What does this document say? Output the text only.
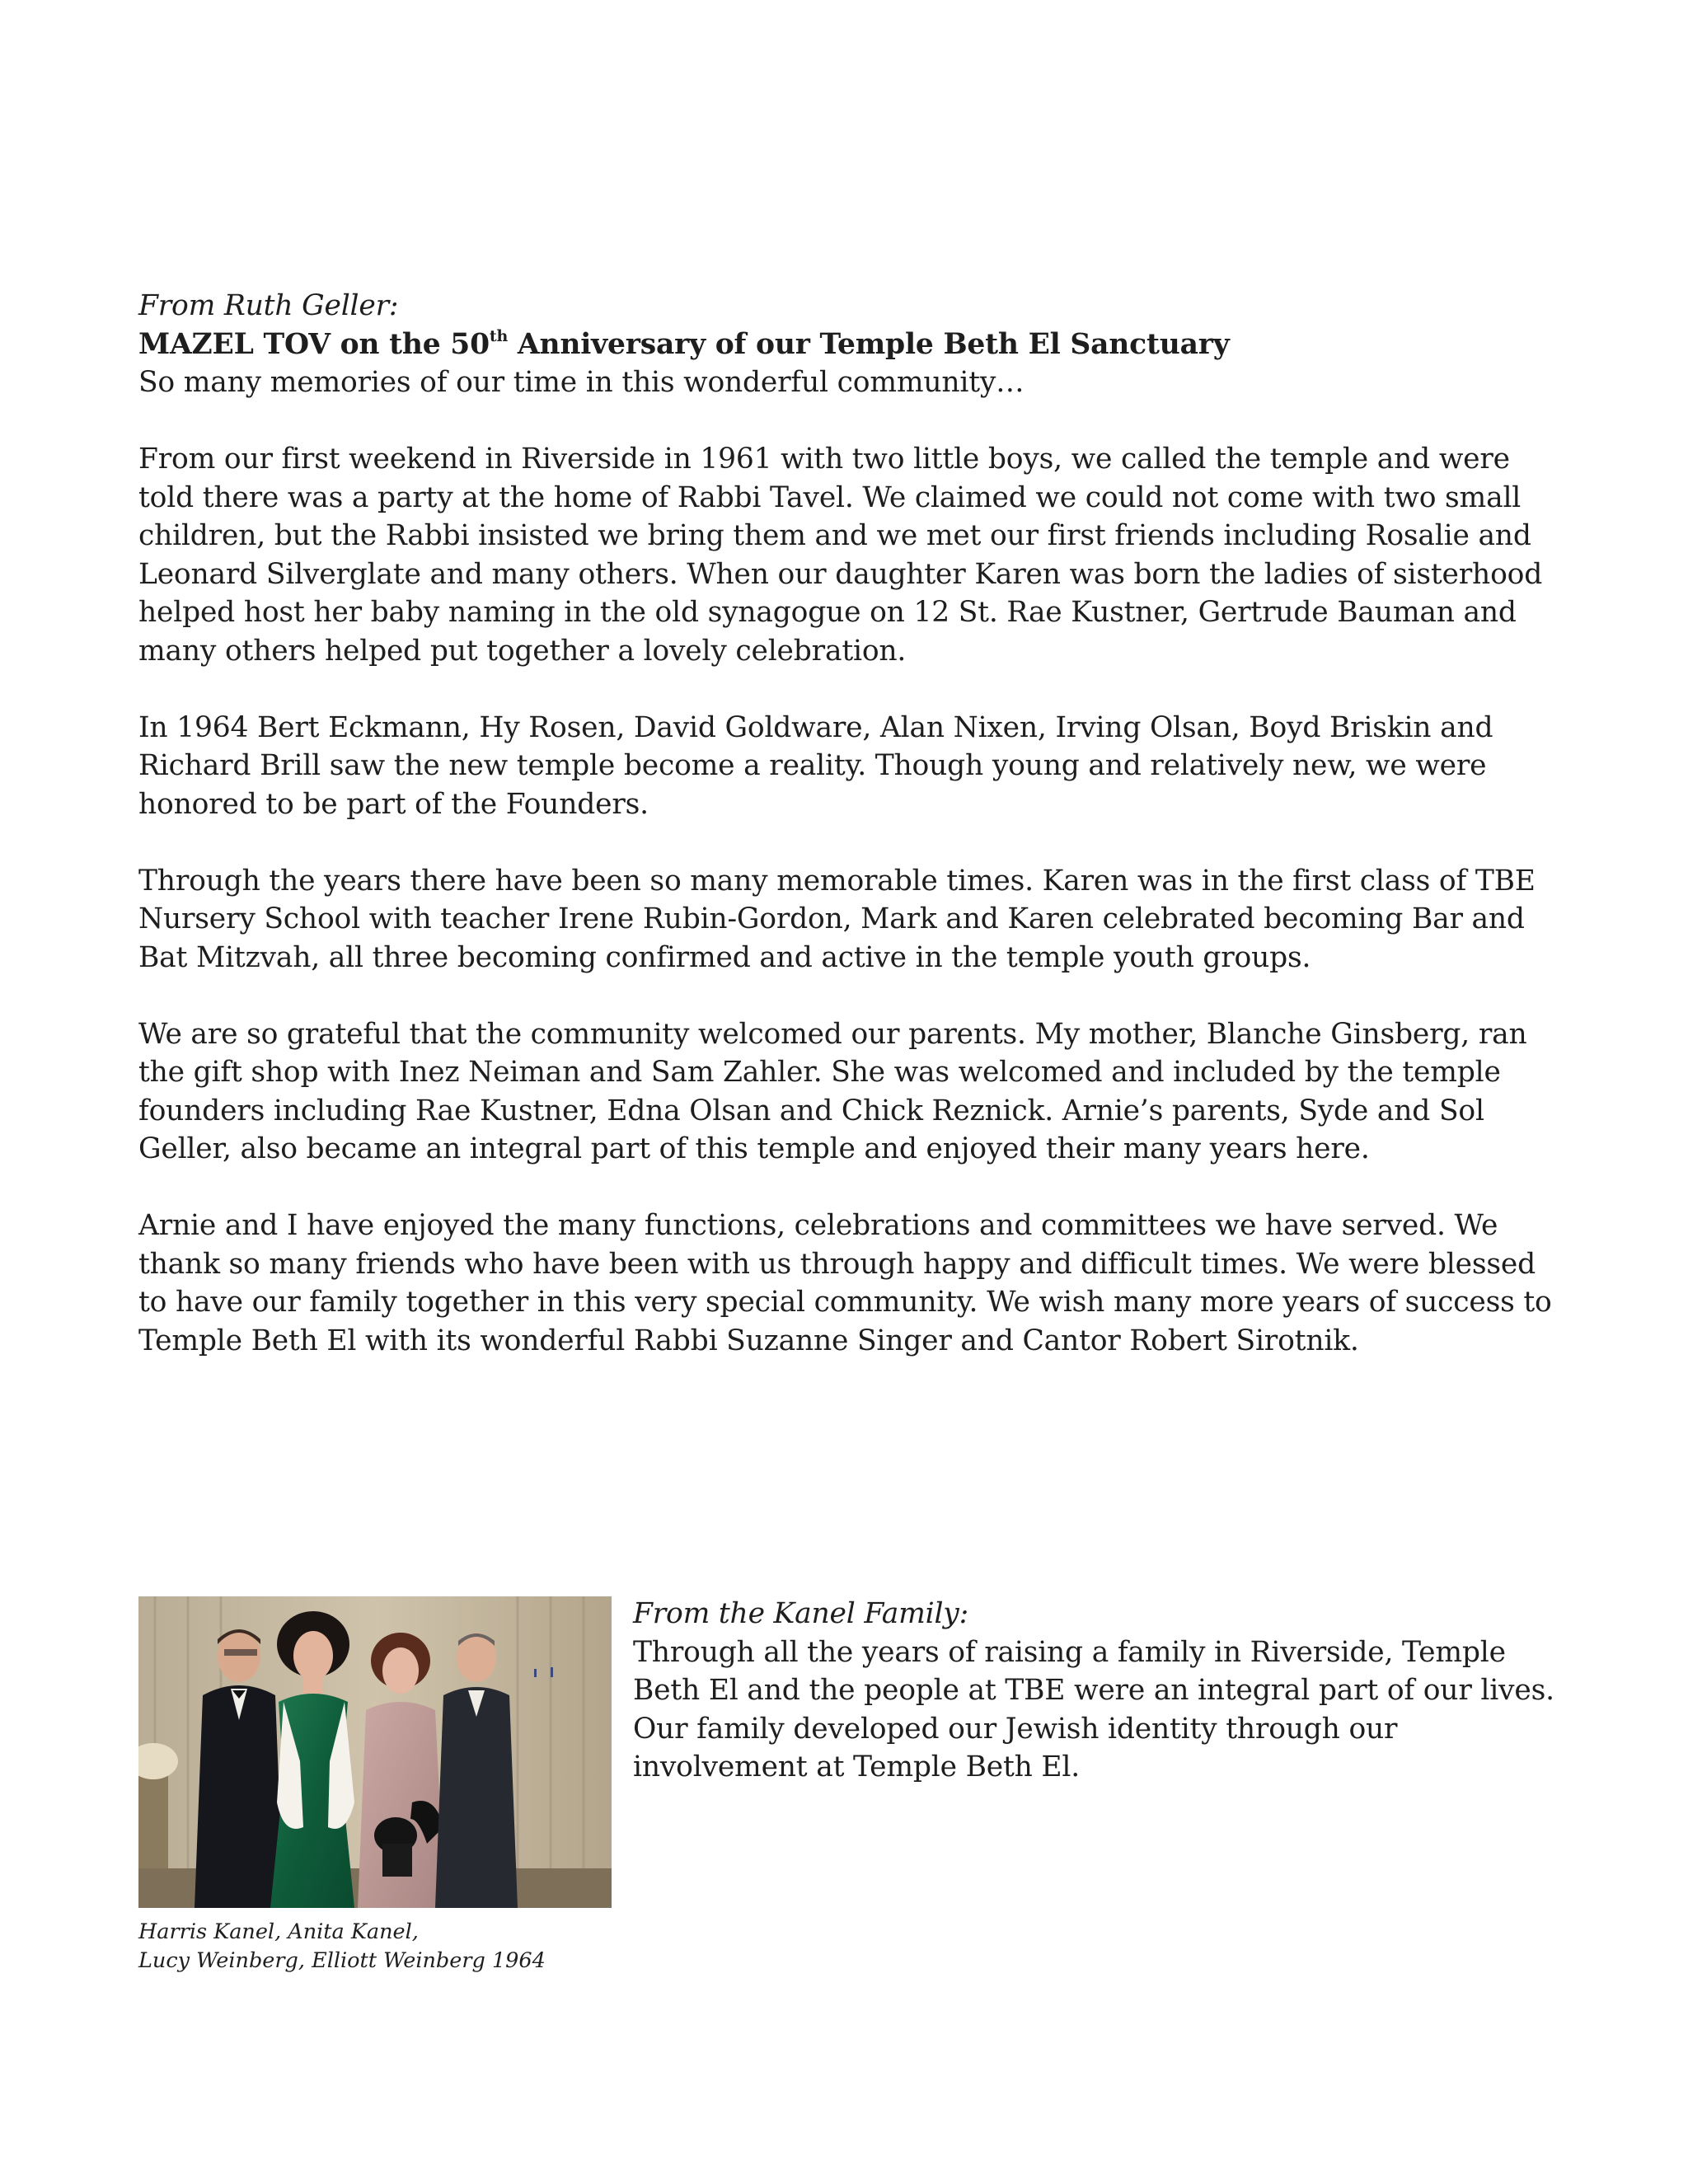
From Ruth Geller:

MAZEL TOV on the 50th Anniversary of our Temple Beth El Sanctuary

So many memories of our time in this wonderful community…

From our first weekend in Riverside in 1961 with two little boys, we called the temple and were told there was a party at the home of Rabbi Tavel. We claimed we could not come with two small children, but the Rabbi insisted we bring them and we met our first friends including Rosalie and Leonard Silverglate and many others. When our daughter Karen was born the ladies of sisterhood helped host her baby naming in the old synagogue on 12 St. Rae Kustner, Gertrude Bauman and many others helped put together a lovely celebration.

In 1964 Bert Eckmann, Hy Rosen, David Goldware, Alan Nixen, Irving Olsan, Boyd Briskin and Richard Brill saw the new temple become a reality. Though young and relatively new, we were honored to be part of the Founders.

Through the years there have been so many memorable times. Karen was in the first class of TBE Nursery School with teacher Irene Rubin-Gordon, Mark and Karen celebrated becoming Bar and Bat Mitzvah, all three becoming confirmed and active in the temple youth groups.

We are so grateful that the community welcomed our parents. My mother, Blanche Ginsberg, ran the gift shop with Inez Neiman and Sam Zahler. She was welcomed and included by the temple founders including Rae Kustner, Edna Olsan and Chick Reznick. Arnie’s parents, Syde and Sol Geller, also became an integral part of this temple and enjoyed their many years here.

Arnie and I have enjoyed the many functions, celebrations and committees we have served. We thank so many friends who have been with us through happy and difficult times. We were blessed to have our family together in this very special community. We wish many more years of success to Temple Beth El with its wonderful Rabbi Suzanne Singer and Cantor Robert Sirotnik.

Harris Kanel, Anita Kanel,
Lucy Weinberg, Elliott Weinberg 1964

From the Kanel Family:

Through all the years of raising a family in Riverside, Temple Beth El and the people at TBE were an integral part of our lives. Our family developed our Jewish identity through our involvement at Temple Beth El.
